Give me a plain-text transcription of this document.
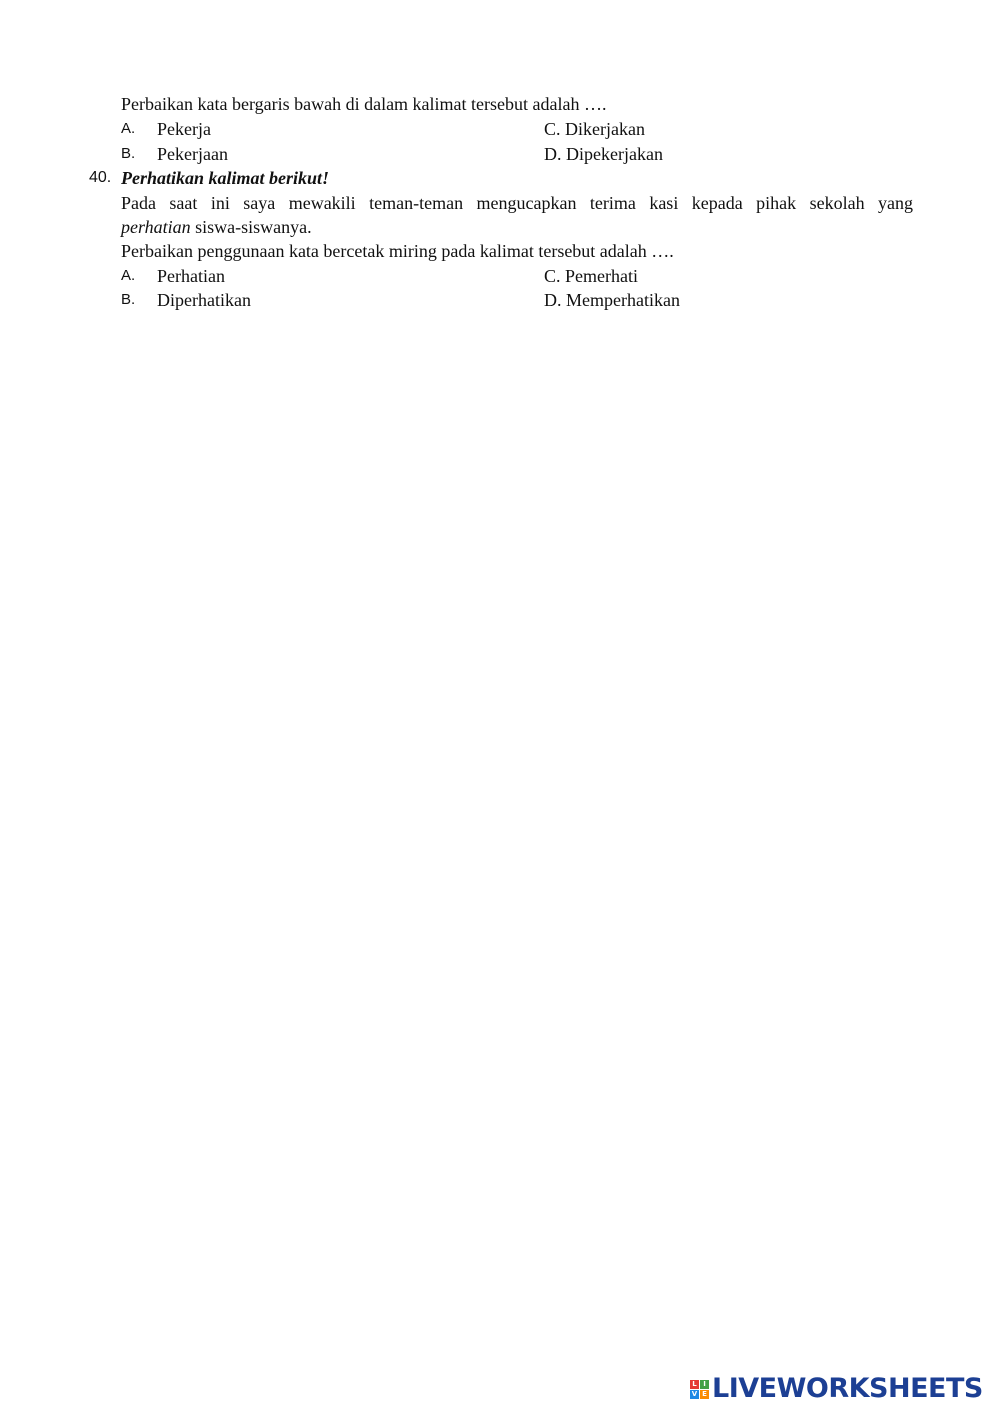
Perbaikan kata bergaris bawah di dalam kalimat tersebut adalah ….
A. Pekerja	C. Dikerjakan
B. Pekerjaan	D. Dipekerjakan
40. Perhatikan kalimat berikut!
Pada saat ini saya mewakili teman-teman mengucapkan terima kasi kepada pihak sekolah yang
perhatian siswa-siswanya.
Perbaikan penggunaan kata bercetak miring pada kalimat tersebut adalah ….
A. Perhatian	C. Pemerhati
B. Diperhatikan	D. Memperhatikan
L I
V E LIVEWORKSHEETS
